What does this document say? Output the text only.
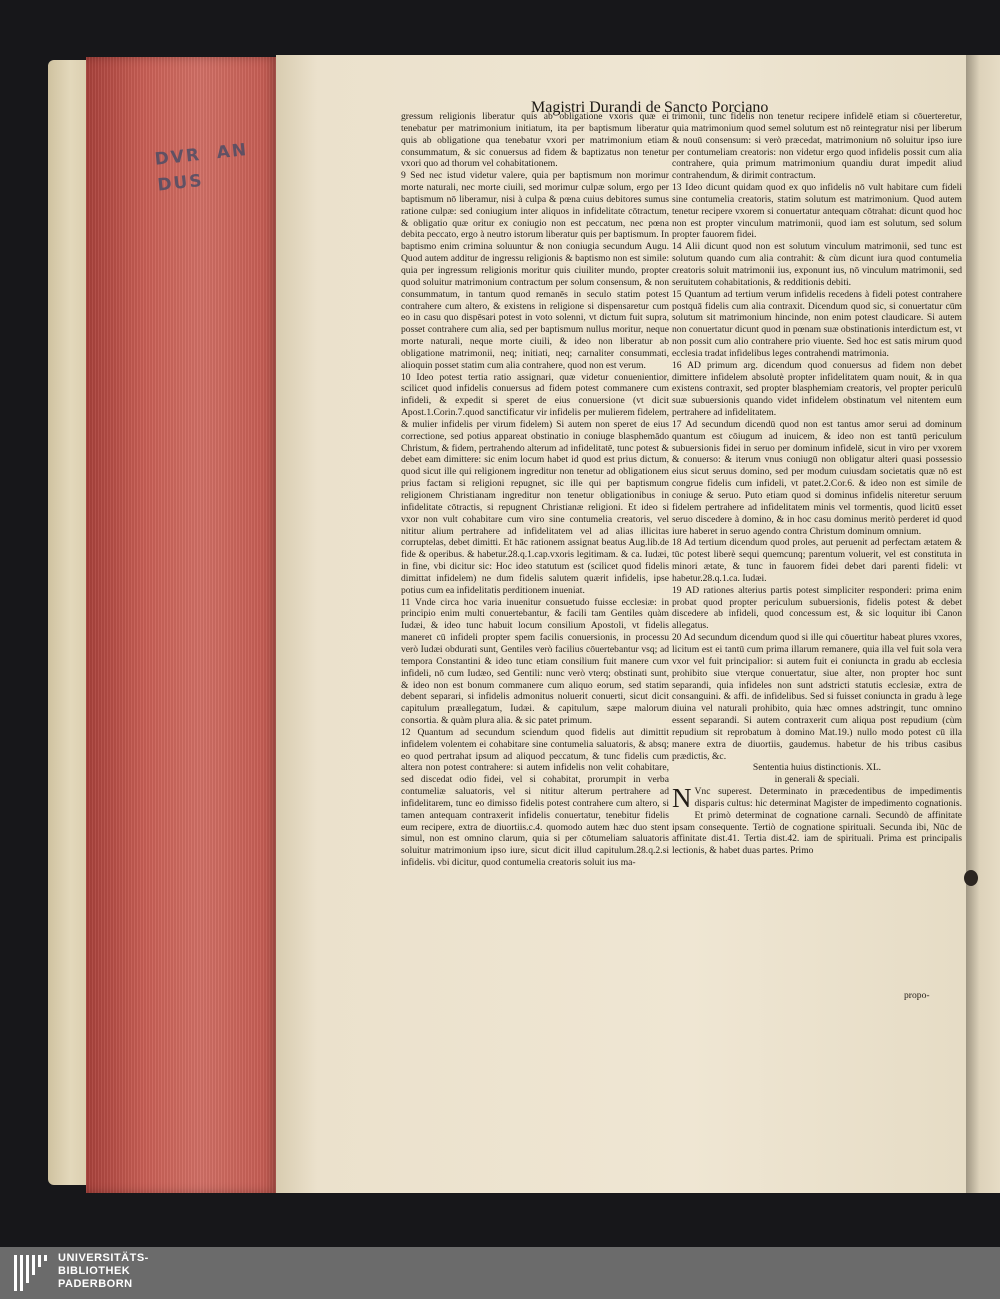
DVR  AN
DUS
Magistri Durandi de Sancto Porciano

gressum religionis liberatur quis ab obligatione vxoris quæ ei tenebatur per matrimonium initiatum, ita per baptismum liberatur quis ab obligatione qua tenebatur vxori per matrimonium etiam consummatum, & sic conuersus ad fidem & baptizatus non tenetur vxori quo ad thorum vel cohabitationem.

9 Sed nec istud videtur valere, quia per baptismum non morimur morte naturali, nec morte ciuili, sed morimur culpæ solum, ergo per baptismum nō liberamur, nisi à culpa & pœna cuius debitores sumus ratione culpæ: sed coniugium inter aliquos in infidelitate cōtractum, & obligatio quæ oritur ex coniugio non est peccatum, nec pœna debita peccato, ergo à neutro istorum liberatur quis per baptismum. In baptismo enim crimina soluuntur & non coniugia secundum Augu. Quod autem additur de ingressu religionis & baptismo non est simile: quia per ingressum religionis moritur quis ciuiliter mundo, propter quod soluitur matrimonium contractum per solum consensum, & non consummatum, in tantum quod remanēs in seculo statim potest contrahere cum altero, & existens in religione si dispensaretur cum eo in casu quo dispēsari potest in voto solenni, vt dictum fuit supra, posset contrahere cum alia, sed per baptismum nullus moritur, neque morte naturali, neque morte ciuili, & ideo non liberatur ab obligatione matrimonii, neq; initiati, neq; carnaliter consummati, alioquin posset statim cum alia contrahere, quod non est verum.

10 Ideo potest tertia ratio assignari, quæ videtur conuenientior, scilicet quod infidelis conuersus ad fidem potest commanere cum infideli, & expedit si speret de eius conuersione (vt dicit Apost.1.Corin.7.quod sanctificatur vir infidelis per mulierem fidelem, & mulier infidelis per virum fidelem) Si autem non speret de eius correctione, sed potius appareat obstinatio in coniuge blasphemādo Christum, & fidem, pertrahendo alterum ad infidelitatē, tunc potest & debet eam dimittere: sic enim locum habet id quod est prius dictum, quod sicut ille qui religionem ingreditur non tenetur ad obligationem prius factam si religioni repugnet, sic ille qui per baptismum religionem Christianam ingreditur non tenetur obligationibus in infidelitate cōtractis, si repugnent Christianæ religioni. Et ideo si vxor non vult cohabitare cum viro sine contumelia creatoris, vel nititur alium pertrahere ad infidelitatem vel ad alias illicitas corruptelas, debet dimitti. Et hāc rationem assignat beatus Aug.lib.de fide & operibus. & habetur.28.q.1.cap.vxoris legitimam. & ca. Iudæi, in fine, vbi dicitur sic: Hoc ideo statutum est (scilicet quod fidelis dimittat infidelem) ne dum fidelis salutem quærit infidelis, ipse potius cum ea infidelitatis perditionem inueniat.

11 Vnde circa hoc varia inuenitur consuetudo fuisse ecclesiæ: in principio enim multi conuertebantur, & facili tam Gentiles quàm Iudæi, & ideo tunc habuit locum consilium Apostoli, vt fidelis maneret cū infideli propter spem facilis conuersionis, in processu verò Iudæi obdurati sunt, Gentiles verò facilius cōuertebantur vsq; ad tempora Constantini & ideo tunc etiam consilium fuit manere cum infideli, nō cum Iudæo, sed Gentili: nunc verò vterq; obstinati sunt, & ideo non est bonum commanere cum aliquo eorum, sed statim debent separari, si infidelis admonitus noluerit conuerti, sicut dicit capitulum præallegatum, Iudæi. & capitulum, sæpe malorum consortia. & quàm plura alia. & sic patet primum.

12 Quantum ad secundum sciendum quod fidelis aut dimittit infidelem volentem ei cohabitare sine contumelia saluatoris, & absq; eo quod pertrahat ipsum ad aliquod peccatum, & tunc fidelis cum altera non potest contrahere: si autem infidelis non velit cohabitare, sed discedat odio fidei, vel si cohabitat, prorumpit in verba contumeliæ saluatoris, vel si nititur alterum pertrahere ad infidelitarem, tunc eo dimisso fidelis potest contrahere cum altero, si tamen antequam contraxerit infidelis conuertatur, tenebitur fidelis eum recipere, extra de diuortiis.c.4. quomodo autem hæc duo stent simul, non est omnino clarum, quia si per cōtumeliam saluatoris soluitur matrimonium ipso iure, sicut dicit illud capitulum.28.q.2.si infidelis. vbi dicitur, quod contumelia creatoris soluit ius ma-

trimonii, tunc fidelis non tenetur recipere infidelē etiam si cōuerteretur, quia matrimonium quod semel solutum est nō reintegratur nisi per liberum & nouū consensum: si verò præcedat, matrimonium nō soluitur ipso iure per contumeliam creatoris: non videtur ergo quod infidelis possit cum alia contrahere, quia primum matrimonium quandiu durat impedit aliud contrahendum, & dirimit contractum.

13 Ideo dicunt quidam quod ex quo infidelis nō vult habitare cum fideli sine contumelia creatoris, statim solutum est matrimonium. Quod autem tenetur recipere vxorem si conuertatur antequam cōtrahat: dicunt quod hoc non est propter vinculum matrimonii, quod iam est solutum, sed solum propter fauorem fidei.

14 Alii dicunt quod non est solutum vinculum matrimonii, sed tunc est solutum quando cum alia contrahit: & cùm dicunt iura quod contumelia creatoris soluit matrimonii ius, exponunt ius, nō vinculum matrimonii, sed seruitutem cohabitationis, & redditionis debiti.

15 Quantum ad tertium verum infidelis recedens à fideli potest contrahere postquā fidelis cum alia contraxit. Dicendum quod sic, si conuertatur cūm solutum sit matrimonium hincinde, non enim potest claudicare. Si autem non conuertatur dicunt quod in pœnam suæ obstinationis interdictum est, vt non possit cum alio contrahere prio viuente. Sed hoc est satis mirum quod ecclesia tradat infidelibus leges contrahendi matrimonia.

16 AD primum arg. dicendum quod conuersus ad fidem non debet dimittere infidelem absolutè propter infidelitatem quam nouit, & in qua existens contraxit, sed propter blasphemiam creatoris, vel propter periculū suæ subuersionis quando videt infidelem obstinatum vel nitentem eum pertrahere ad infidelitatem.

17 Ad secundum dicendū quod non est tantus amor serui ad dominum quantum est cōiugum ad inuicem, & ideo non est tantū periculum subuersionis fidei in seruo per dominum infidelē, sicut in viro per vxorem & conuerso: & iterum vnus coniugū non obligatur alteri quasi possessio eius sicut seruus domino, sed per modum cuiusdam societatis quæ nō est congrue fidelis cum infideli, vt patet.2.Cor.6. & ideo non est simile de coniuge & seruo. Puto etiam quod si dominus infidelis niteretur seruum fidelem pertrahere ad infidelitatem minis vel tormentis, quod licitū esset seruo discedere à domino, & in hoc casu dominus meritò perderet id quod iure haberet in seruo agendo contra Christum dominum omnium.

18 Ad tertium dicendum quod proles, aut peruenit ad perfectam ætatem & tūc potest liberè sequi quemcunq; parentum voluerit, vel est constituta in minori ætate, & tunc in fauorem fidei debet dari parenti fideli: vt habetur.28.q.1.ca. Iudæi.

19 AD rationes alterius partis potest simpliciter responderi: prima enim probat quod propter periculum subuersionis, fidelis potest & debet discedere ab infideli, quod concessum est, & sic loquitur ibi Canon allegatus.

20 Ad secundum dicendum quod si ille qui cōuertitur habeat plures vxores, licitum est ei tantū cum prima illarum remanere, quia illa vel fuit sola vera vxor vel fuit principalior: si autem fuit ei coniuncta in gradu ab ecclesia prohibito siue vterque conuertatur, siue alter, non propter hoc sunt separandi, quia infideles non sunt adstricti statutis ecclesiæ, extra de consanguini. & affi. de infidelibus. Sed si fuisset coniuncta in gradu à lege diuina vel naturali prohibito, quia hæc omnes adstringit, tunc omnino essent separandi. Si autem contraxerit cum aliqua post repudium (cùm repudium sit reprobatum à domino Mat.19.) nullo modo potest cū illa manere extra de diuortiis, gaudemus. habetur de his tribus casibus prædictis, &c.

Sententia huius distinctionis. XL.

in generali & speciali.

N Vnc superest. Determinato in præcedentibus de impedimentis disparis cultus: hic determinat Magister de impedimento cognationis. Et primò determinat de cognatione carnali. Secundò de affinitate ipsam consequente. Tertiò de cognatione spirituali. Secunda ibi, Nūc de affinitate dist.41. Tertia dist.42. iam de spirituali. Prima est principalis lectionis, & habet duas partes. Primo

propo-
UNIVERSITÄTS-
BIBLIOTHEK
PADERBORN
